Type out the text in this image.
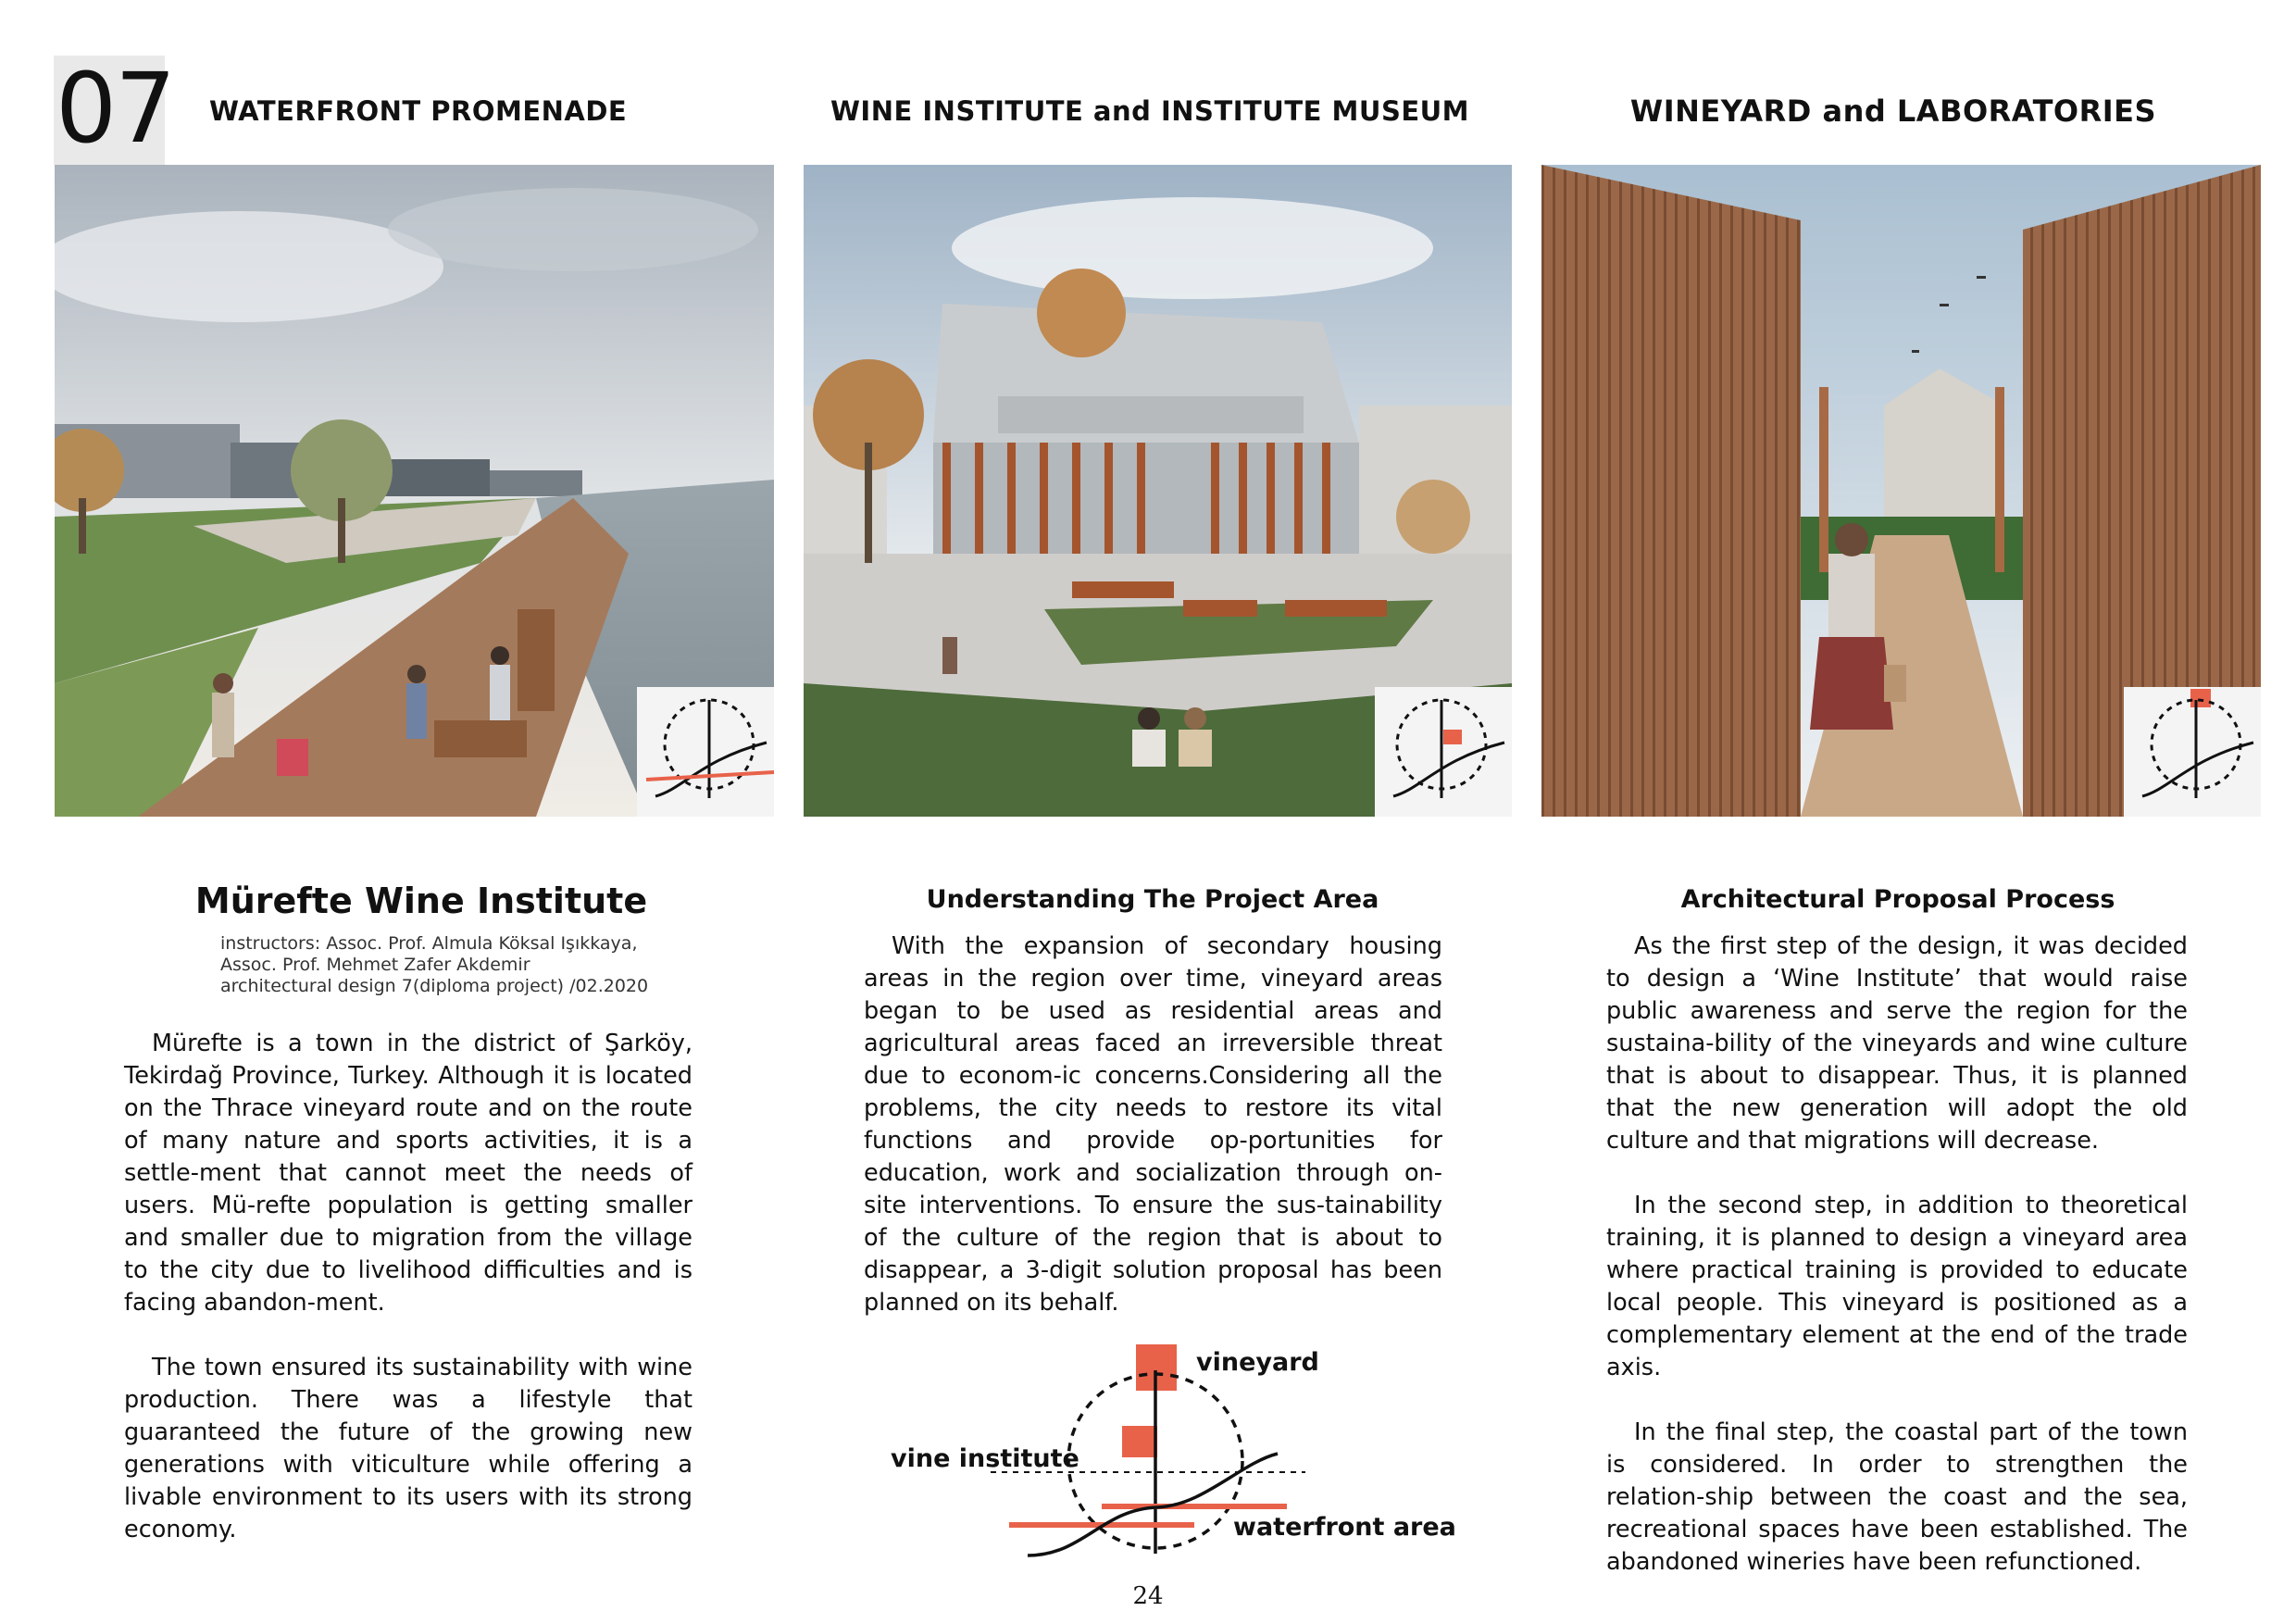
07 WATERFRONT PROMENADE	WINE INSTITUTE and INSTITUTE MUSEUM	WINEYARD and LABORATORIES
Mürefte Wine Institute
instructors: Assoc. Prof. Almula Köksal Işıkkaya,
Assoc. Prof. Mehmet Zafer Akdemir
architectural design 7(diploma project) /02.2020

Mürefte is a town in the district of Şarköy, Tekirdağ Province, Turkey. Although it is located on the Thrace vineyard route and on the route of many nature and sports activities, it is a settle-ment that cannot meet the needs of users. Mü-refte population is getting smaller and smaller due to migration from the village to the city due to livelihood difficulties and is facing abandon-ment.

The town ensured its sustainability with wine production. There was a lifestyle that guaranteed the future of the growing new generations with viticulture while offering a livable environment to its users with its strong economy.

Understanding The Project Area

With the expansion of secondary housing areas in the region over time, vineyard areas began to be used as residential areas and agricultural areas faced an irreversible threat due to econom-ic concerns.Considering all the problems, the city needs to restore its vital functions and provide op-portunities for education, work and socialization through on-site interventions. To ensure the sus-tainability of the culture of the region that is about to disappear, a 3-digit solution proposal has been planned on its behalf.

vineyard
vine institute
waterfront area
Architectural Proposal Process

As the first step of the design, it was decided to design a ‘Wine Institute’ that would raise public awareness and serve the region for the sustaina-bility of the vineyards and wine culture that is about to disappear. Thus, it is planned that the new generation will adopt the old culture and that migrations will decrease.

In the second step, in addition to theoretical training, it is planned to design a vineyard area where practical training is provided to educate local people. This vineyard is positioned as a complementary element at the end of the trade axis.

In the final step, the coastal part of the town is considered. In order to strengthen the relation-ship between the coast and the sea, recreational spaces have been established. The abandoned wineries have been refunctioned.

24
